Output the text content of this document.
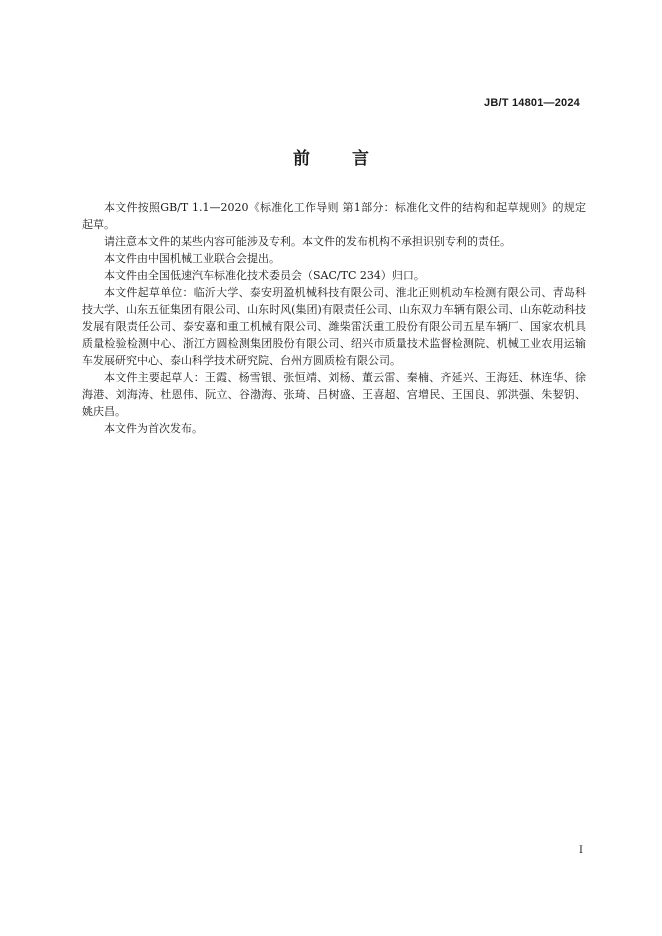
JB/T 14801—2024
前 言

本文件按照GB/T 1.1—2020《标准化工作导则 第1部分：标准化文件的结构和起草规则》的规定起草。

请注意本文件的某些内容可能涉及专利。本文件的发布机构不承担识别专利的责任。

本文件由中国机械工业联合会提出。

本文件由全国低速汽车标准化技术委员会（SAC/TC 234）归口。

本文件起草单位：临沂大学、泰安玥盈机械科技有限公司、淮北正则机动车检测有限公司、青岛科技大学、山东五征集团有限公司、山东时风(集团)有限责任公司、山东双力车辆有限公司、山东乾动科技发展有限责任公司、泰安嘉和重工机械有限公司、潍柴雷沃重工股份有限公司五星车辆厂、国家农机具质量检验检测中心、浙江方圆检测集团股份有限公司、绍兴市质量技术监督检测院、机械工业农用运输车发展研究中心、泰山科学技术研究院、台州方圆质检有限公司。

本文件主要起草人：王霞、杨雪银、张恒靖、刘杨、董云雷、秦楠、齐延兴、王海廷、林连华、徐海港、刘海涛、杜恩伟、阮立、谷渤海、张琦、吕树盛、王喜超、宫增民、王国良、郭洪强、朱㛃钥、姚庆昌。

本文件为首次发布。

I
